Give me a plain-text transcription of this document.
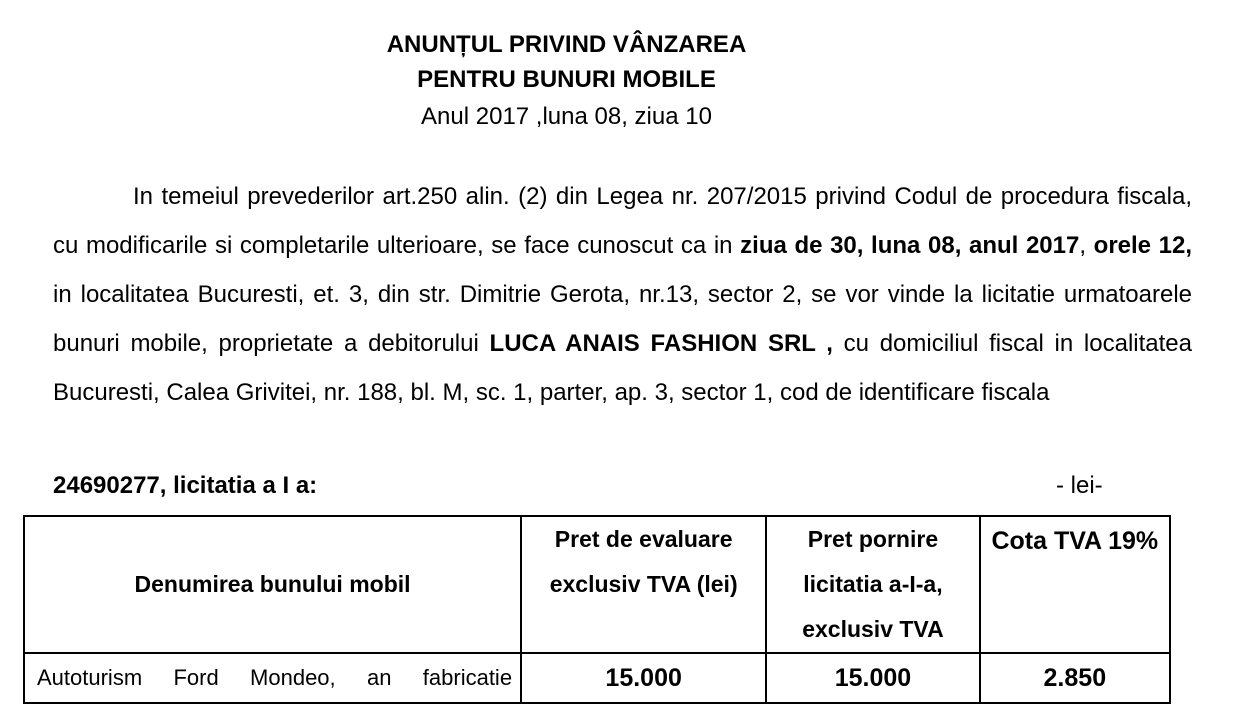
ANUNȚUL PRIVIND VÂNZAREA
PENTRU BUNURI MOBILE
Anul 2017 ,luna 08, ziua 10

In temeiul prevederilor art.250 alin. (2) din Legea nr. 207/2015 privind Codul de procedura fiscala, cu modificarile si completarile ulterioare, se face cunoscut ca in ziua de 30, luna 08, anul 2017, orele 12, in localitatea Bucuresti, et. 3, din str. Dimitrie Gerota, nr.13, sector 2, se vor vinde la licitatie urmatoarele bunuri mobile, proprietate a debitorului LUCA ANAIS FASHION SRL , cu domiciliul fiscal in localitatea Bucuresti, Calea Grivitei, nr. 188, bl. M, sc. 1, parter, ap. 3, sector 1, cod de identificare fiscala

24690277, licitatia a I a:	- lei-
Denumirea bunului mobil	Pret de evaluare exclusiv TVA (lei)	Pret pornire licitatia a-I-a, exclusiv TVA	Cota TVA 19%
Autoturism Ford Mondeo, an fabricatie	15.000	15.000	2.850
